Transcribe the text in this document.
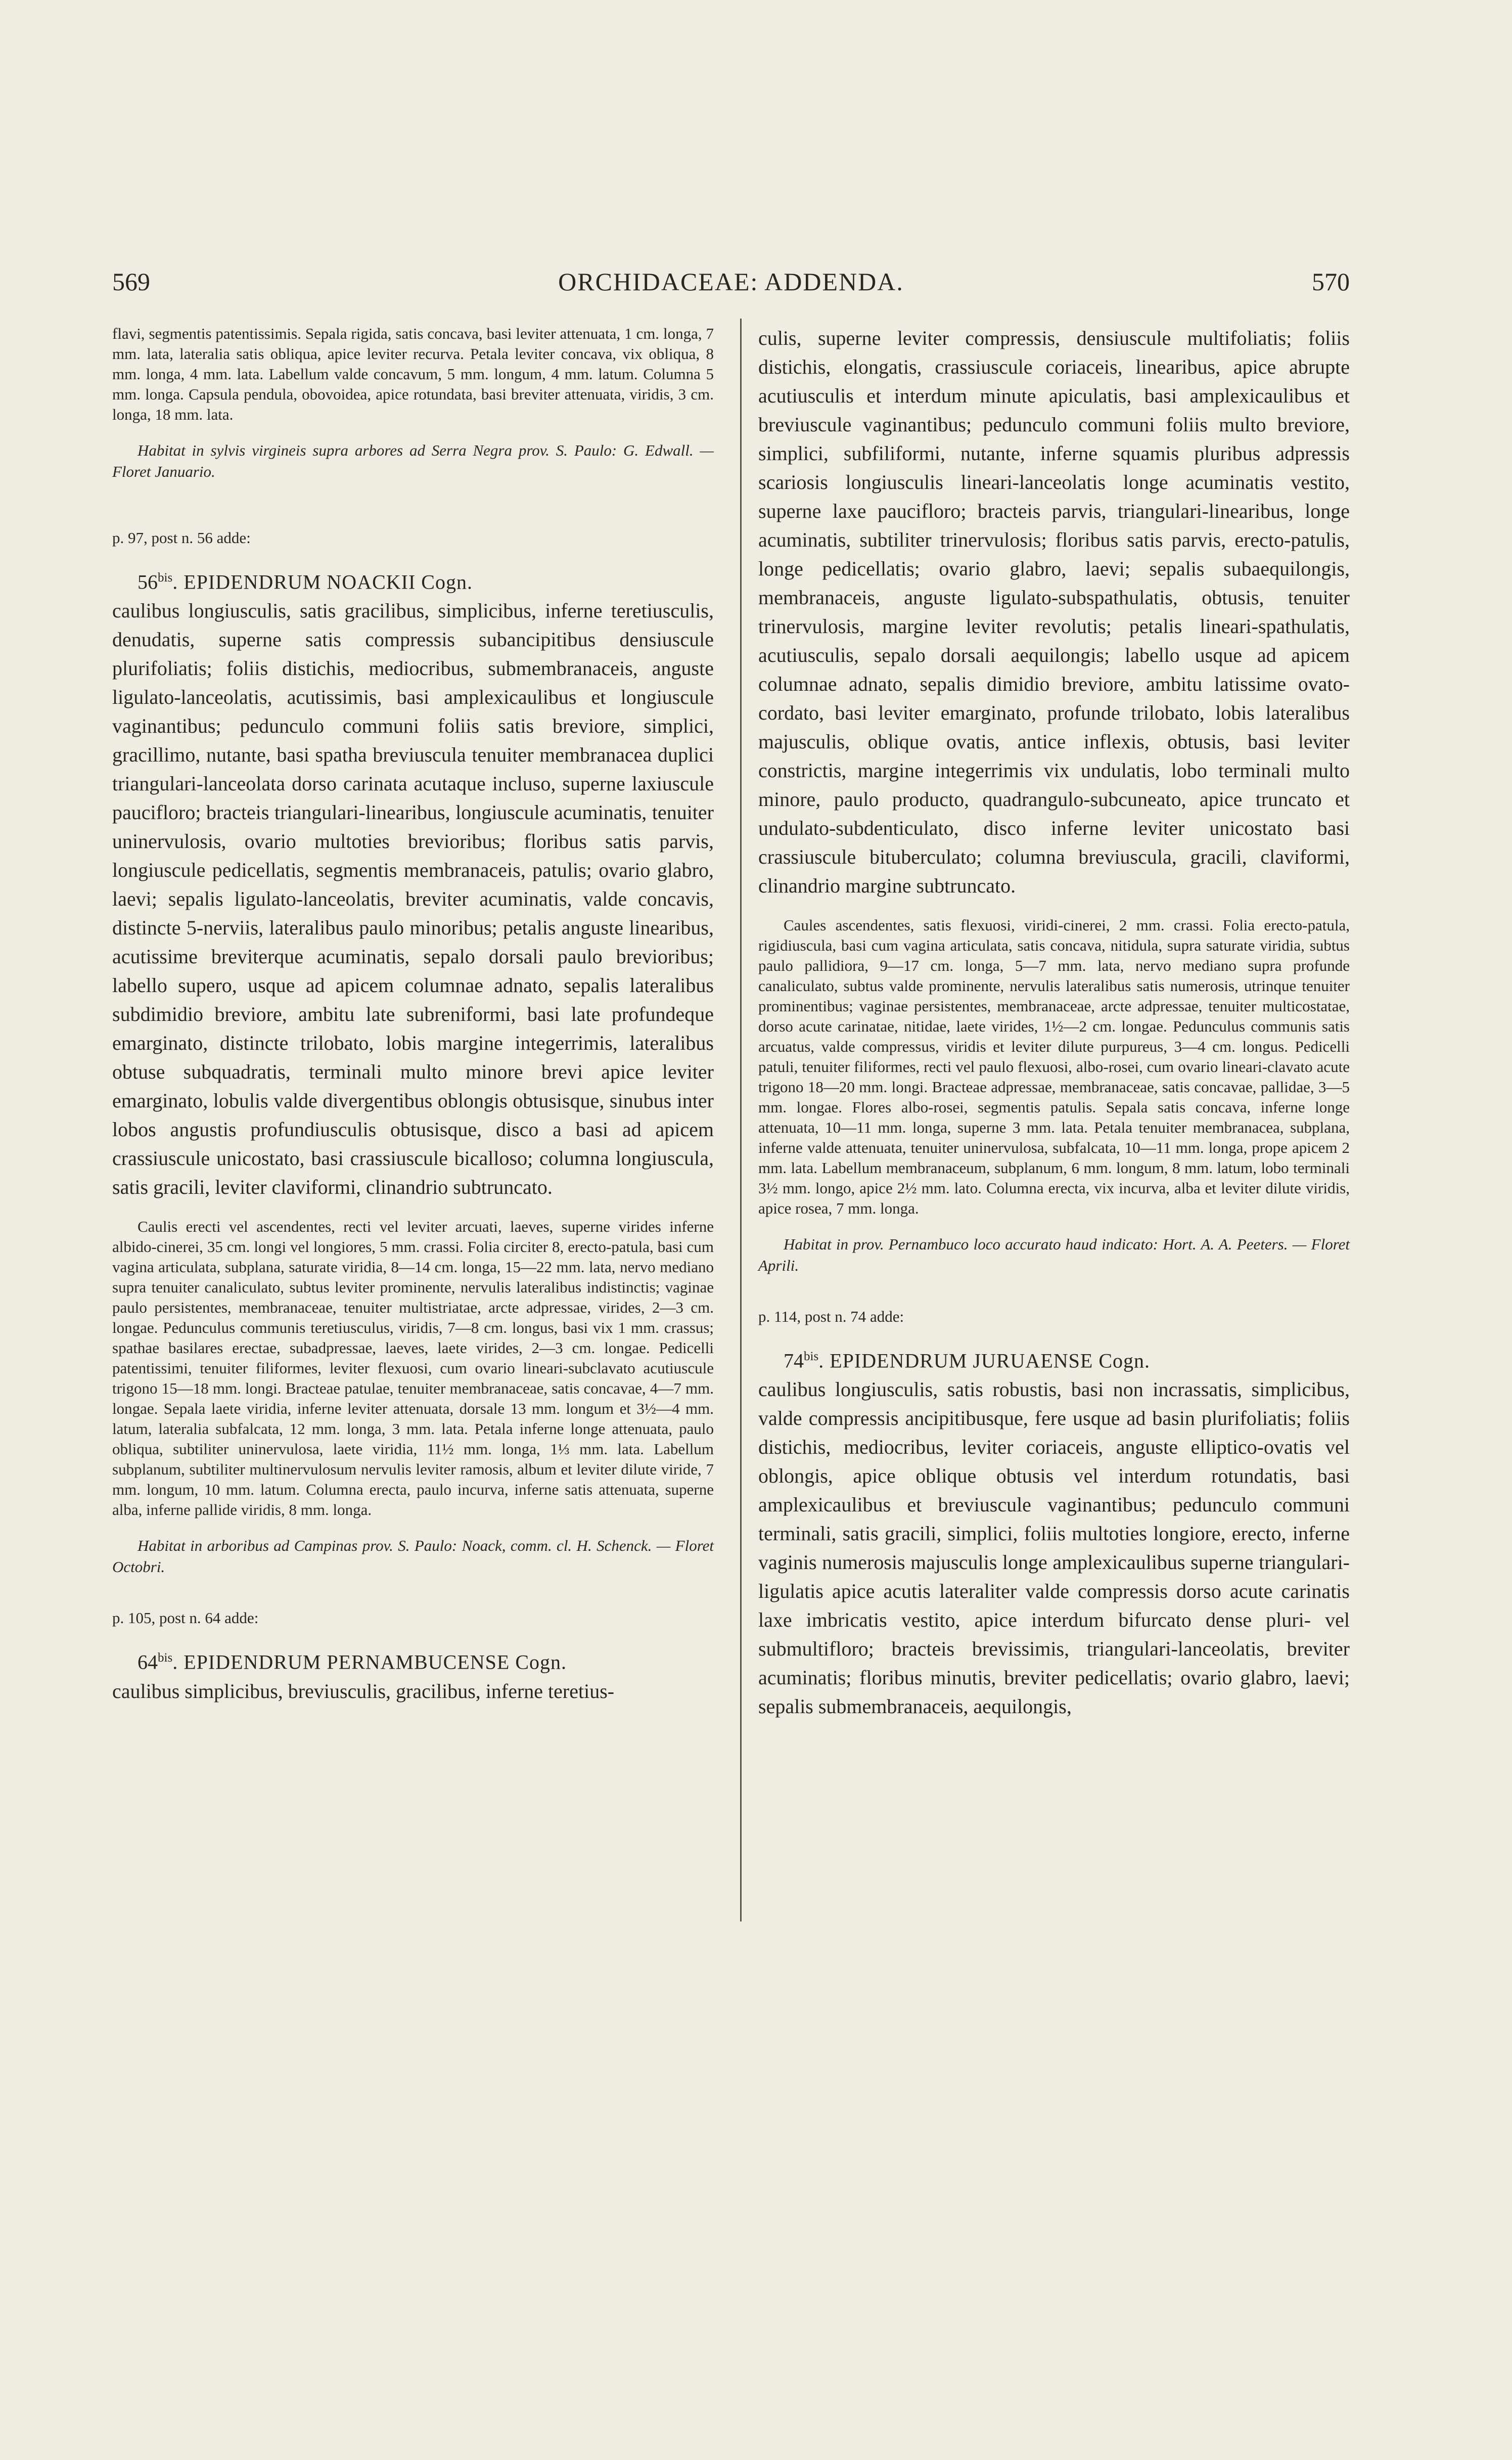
569	ORCHIDACEAE: ADDENDA.	570

flavi, segmentis patentissimis. Sepala rigida, satis concava, basi leviter attenuata, 1 cm. longa, 7 mm. lata, lateralia satis obliqua, apice leviter recurva. Petala leviter concava, vix obliqua, 8 mm. longa, 4 mm. lata. Labellum valde concavum, 5 mm. longum, 4 mm. latum. Columna 5 mm. longa. Capsula pendula, obovoidea, apice rotundata, basi breviter attenuata, viridis, 3 cm. longa, 18 mm. lata.

Habitat in sylvis virgineis supra arbores ad Serra Negra prov. S. Paulo: G. Edwall. — Floret Januario.

p. 97, post n. 56 adde:

$56^{bis}$. EPIDENDRUM NOACKII Cogn.

caulibus longiusculis, satis gracilibus, simplicibus, inferne teretiusculis, denudatis, superne satis compressis subancipitibus densiuscule plurifoliatis; foliis distichis, mediocribus, submembranaceis, anguste ligulato-lanceolatis, acutissimis, basi amplexicaulibus et longiuscule vaginantibus; pedunculo communi foliis satis breviore, simplici, gracillimo, nutante, basi spatha breviuscula tenuiter membranacea duplici triangulari-lanceolata dorso carinata acutaque incluso, superne laxiuscule paucifloro; bracteis triangulari-linearibus, longiuscule acuminatis, tenuiter uninervulosis, ovario multoties brevioribus; floribus satis parvis, longiuscule pedicellatis, segmentis membranaceis, patulis; ovario glabro, laevi; sepalis ligulato-lanceolatis, breviter acuminatis, valde concavis, distincte 5-nerviis, lateralibus paulo minoribus; petalis anguste linearibus, acutissime breviterque acuminatis, sepalo dorsali paulo brevioribus; labello supero, usque ad apicem columnae adnato, sepalis lateralibus subdimidio breviore, ambitu late subreniformi, basi late profundeque emarginato, distincte trilobato, lobis margine integerrimis, lateralibus obtuse subquadratis, terminali multo minore brevi apice leviter emarginato, lobulis valde divergentibus oblongis obtusisque, sinubus inter lobos angustis profundiusculis obtusisque, disco a basi ad apicem crassiuscule unicostato, basi crassiuscule bicalloso; columna longiuscula, satis gracili, leviter claviformi, clinandrio subtruncato.

Caulis erecti vel ascendentes, recti vel leviter arcuati, laeves, superne virides inferne albido-cinerei, 35 cm. longi vel longiores, 5 mm. crassi. Folia circiter 8, erecto-patula, basi cum vagina articulata, subplana, saturate viridia, 8—14 cm. longa, 15—22 mm. lata, nervo mediano supra tenuiter canaliculato, subtus leviter prominente, nervulis lateralibus indistinctis; vaginae paulo persistentes, membranaceae, tenuiter multistriatae, arcte adpressae, virides, 2—3 cm. longae. Pedunculus communis teretiusculus, viridis, 7—8 cm. longus, basi vix 1 mm. crassus; spathae basilares erectae, subadpressae, laeves, laete virides, 2—3 cm. longae. Pedicelli patentissimi, tenuiter filiformes, leviter flexuosi, cum ovario lineari-subclavato acutiuscule trigono 15—18 mm. longi. Bracteae patulae, tenuiter membranaceae, satis concavae, 4—7 mm. longae. Sepala laete viridia, inferne leviter attenuata, dorsale 13 mm. longum et 3½—4 mm. latum, lateralia subfalcata, 12 mm. longa, 3 mm. lata. Petala inferne longe attenuata, paulo obliqua, subtiliter uninervulosa, laete viridia, 11½ mm. longa, 1⅓ mm. lata. Labellum subplanum, subtiliter multinervulosum nervulis leviter ramosis, album et leviter dilute viride, 7 mm. longum, 10 mm. latum. Columna erecta, paulo incurva, inferne satis attenuata, superne alba, inferne pallide viridis, 8 mm. longa.

Habitat in arboribus ad Campinas prov. S. Paulo: Noack, comm. cl. H. Schenck. — Floret Octobri.

p. 105, post n. 64 adde:

$64^{bis}$. EPIDENDRUM PERNAMBUCENSE Cogn.

caulibus simplicibus, breviusculis, gracilibus, inferne teretius-

culis, superne leviter compressis, densiuscule multifoliatis; foliis distichis, elongatis, crassiuscule coriaceis, linearibus, apice abrupte acutiusculis et interdum minute apiculatis, basi amplexicaulibus et breviuscule vaginantibus; pedunculo communi foliis multo breviore, simplici, subfiliformi, nutante, inferne squamis pluribus adpressis scariosis longiusculis lineari-lanceolatis longe acuminatis vestito, superne laxe paucifloro; bracteis parvis, triangulari-linearibus, longe acuminatis, subtiliter trinervulosis; floribus satis parvis, erecto-patulis, longe pedicellatis; ovario glabro, laevi; sepalis subaequilongis, membranaceis, anguste ligulato-subspathulatis, obtusis, tenuiter trinervulosis, margine leviter revolutis; petalis lineari-spathulatis, acutiusculis, sepalo dorsali aequilongis; labello usque ad apicem columnae adnato, sepalis dimidio breviore, ambitu latissime ovato-cordato, basi leviter emarginato, profunde trilobato, lobis lateralibus majusculis, oblique ovatis, antice inflexis, obtusis, basi leviter constrictis, margine integerrimis vix undulatis, lobo terminali multo minore, paulo producto, quadrangulo-subcuneato, apice truncato et undulato-subdenticulato, disco inferne leviter unicostato basi crassiuscule bituberculato; columna breviuscula, gracili, claviformi, clinandrio margine subtruncato.

Caules ascendentes, satis flexuosi, viridi-cinerei, 2 mm. crassi. Folia erecto-patula, rigidiuscula, basi cum vagina articulata, satis concava, nitidula, supra saturate viridia, subtus paulo pallidiora, 9—17 cm. longa, 5—7 mm. lata, nervo mediano supra profunde canaliculato, subtus valde prominente, nervulis lateralibus satis numerosis, utrinque tenuiter prominentibus; vaginae persistentes, membranaceae, arcte adpressae, tenuiter multicostatae, dorso acute carinatae, nitidae, laete virides, 1½—2 cm. longae. Pedunculus communis satis arcuatus, valde compressus, viridis et leviter dilute purpureus, 3—4 cm. longus. Pedicelli patuli, tenuiter filiformes, recti vel paulo flexuosi, albo-rosei, cum ovario lineari-clavato acute trigono 18—20 mm. longi. Bracteae adpressae, membranaceae, satis concavae, pallidae, 3—5 mm. longae. Flores albo-rosei, segmentis patulis. Sepala satis concava, inferne longe attenuata, 10—11 mm. longa, superne 3 mm. lata. Petala tenuiter membranacea, subplana, inferne valde attenuata, tenuiter uninervulosa, subfalcata, 10—11 mm. longa, prope apicem 2 mm. lata. Labellum membranaceum, subplanum, 6 mm. longum, 8 mm. latum, lobo terminali 3½ mm. longo, apice 2½ mm. lato. Columna erecta, vix incurva, alba et leviter dilute viridis, apice rosea, 7 mm. longa.

Habitat in prov. Pernambuco loco accurato haud indicato: Hort. A. A. Peeters. — Floret Aprili.

p. 114, post n. 74 adde:

$74^{bis}$. EPIDENDRUM JURUAENSE Cogn.

caulibus longiusculis, satis robustis, basi non incrassatis, simplicibus, valde compressis ancipitibusque, fere usque ad basin plurifoliatis; foliis distichis, mediocribus, leviter coriaceis, anguste elliptico-ovatis vel oblongis, apice oblique obtusis vel interdum rotundatis, basi amplexicaulibus et breviuscule vaginantibus; pedunculo communi terminali, satis gracili, simplici, foliis multoties longiore, erecto, inferne vaginis numerosis majusculis longe amplexicaulibus superne triangulari-ligulatis apice acutis lateraliter valde compressis dorso acute carinatis laxe imbricatis vestito, apice interdum bifurcato dense pluri- vel submultifloro; bracteis brevissimis, triangulari-lanceolatis, breviter acuminatis; floribus minutis, breviter pedicellatis; ovario glabro, laevi; sepalis submembranaceis, aequilongis,
